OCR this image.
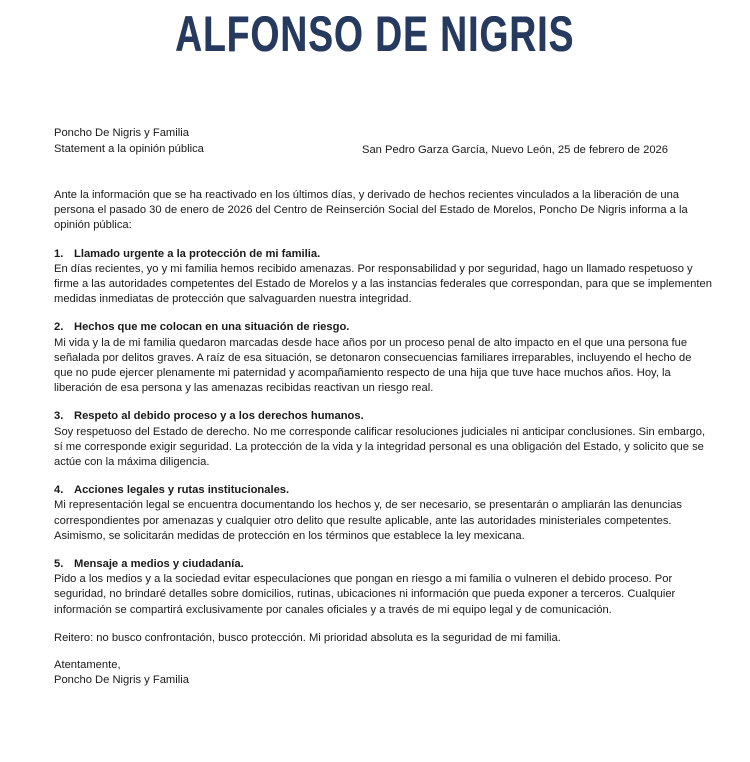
ALFONSO DE NIGRIS
Poncho De Nigris y Familia
Statement a la opinión pública	San Pedro Garza García, Nuevo León, 25 de febrero de 2026

Ante la información que se ha reactivado en los últimos días, y derivado de hechos recientes vinculados a la liberación de una persona el pasado 30 de enero de 2026 del Centro de Reinserción Social del Estado de Morelos, Poncho De Nigris informa a la opinión pública:

1. Llamado urgente a la protección de mi familia.
En días recientes, yo y mi familia hemos recibido amenazas. Por responsabilidad y por seguridad, hago un llamado respetuoso y firme a las autoridades competentes del Estado de Morelos y a las instancias federales que correspondan, para que se implementen medidas inmediatas de protección que salvaguarden nuestra integridad.

2. Hechos que me colocan en una situación de riesgo.
Mi vida y la de mi familia quedaron marcadas desde hace años por un proceso penal de alto impacto en el que una persona fue señalada por delitos graves. A raíz de esa situación, se detonaron consecuencias familiares irreparables, incluyendo el hecho de que no pude ejercer plenamente mi paternidad y acompañamiento respecto de una hija que tuve hace muchos años. Hoy, la liberación de esa persona y las amenazas recibidas reactivan un riesgo real.

3. Respeto al debido proceso y a los derechos humanos.
Soy respetuoso del Estado de derecho. No me corresponde calificar resoluciones judiciales ni anticipar conclusiones. Sin embargo, sí me corresponde exigir seguridad. La protección de la vida y la integridad personal es una obligación del Estado, y solicito que se actúe con la máxima diligencia.

4. Acciones legales y rutas institucionales.
Mi representación legal se encuentra documentando los hechos y, de ser necesario, se presentarán o ampliarán las denuncias correspondientes por amenazas y cualquier otro delito que resulte aplicable, ante las autoridades ministeriales competentes. Asimismo, se solicitarán medidas de protección en los términos que establece la ley mexicana.

5. Mensaje a medios y ciudadanía.
Pido a los medios y a la sociedad evitar especulaciones que pongan en riesgo a mi familia o vulneren el debido proceso. Por seguridad, no brindaré detalles sobre domicilios, rutinas, ubicaciones ni información que pueda exponer a terceros. Cualquier información se compartirá exclusivamente por canales oficiales y a través de mi equipo legal y de comunicación.

Reitero: no busco confrontación, busco protección. Mi prioridad absoluta es la seguridad de mi familia.

Atentamente,
Poncho De Nigris y Familia
